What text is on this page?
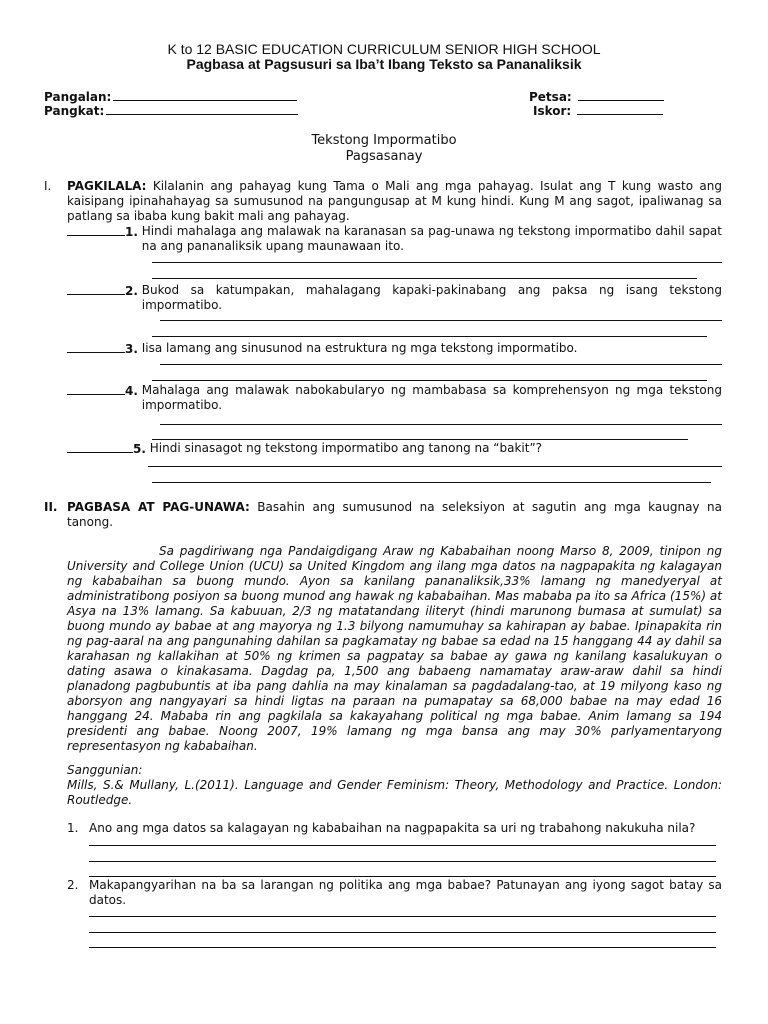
K to 12 BASIC EDUCATION CURRICULUM SENIOR HIGH SCHOOL
Pagbasa at Pagsusuri sa Iba’t Ibang Teksto sa Pananaliksik
Pangalan:
Pangkat:
Petsa:
Iskor:
Tekstong Impormatibo
Pagsasanay
I. PAGKILALA: Kilalanin ang pahayag kung Tama o Mali ang mga pahayag. Isulat ang T kung wasto ang kaisipang ipinahahayag sa sumusunod na pangungusap at M kung hindi. Kung M ang sagot, ipaliwanag sa patlang sa ibaba kung bakit mali ang pahayag.
1. Hindi mahalaga ang malawak na karanasan sa pag-unawa ng tekstong impormatibo dahil sapat na ang pananaliksik upang maunawaan ito.
2. Bukod sa katumpakan, mahalagang kapaki-pakinabang ang paksa ng isang tekstong impormatibo.
3. Iisa lamang ang sinusunod na estruktura ng mga tekstong impormatibo.
4. Mahalaga ang malawak nabokabularyo ng mambabasa sa komprehensyon ng mga tekstong impormatibo.
5. Hindi sinasagot ng tekstong impormatibo ang tanong na “bakit”?
II. PAGBASA AT PAG-UNAWA: Basahin ang sumusunod na seleksiyon at sagutin ang mga kaugnay na tanong.
Sa pagdiriwang nga Pandaigdigang Araw ng Kababaihan noong Marso 8, 2009, tinipon ng University and College Union (UCU) sa United Kingdom ang ilang mga datos na nagpapakita ng kalagayan ng kababaihan sa buong mundo. Ayon sa kanilang pananaliksik,33% lamang ng manedyeryal at administratibong posiyon sa buong munod ang hawak ng kababaihan. Mas mababa pa ito sa Africa (15%) at Asya na 13% lamang. Sa kabuuan, 2/3 ng matatandang iliteryt (hindi marunong bumasa at sumulat) sa buong mundo ay babae at ang mayorya ng 1.3 bilyong namumuhay sa kahirapan ay babae. Ipinapakita rin ng pag-aaral na ang pangunahing dahilan sa pagkamatay ng babae sa edad na 15 hanggang 44 ay dahil sa karahasan ng kallakihan at 50% ng krimen sa pagpatay sa babae ay gawa ng kanilang kasalukuyan o dating asawa o kinakasama. Dagdag pa, 1,500 ang babaeng namamatay araw-araw dahil sa hindi planadong pagbubuntis at iba pang dahlia na may kinalaman sa pagdadalang-tao, at 19 milyong kaso ng aborsyon ang nangyayari sa hindi ligtas na paraan na pumapatay sa 68,000 babae na may edad 16 hanggang 24. Mababa rin ang pagkilala sa kakayahang political ng mga babae. Anim lamang sa 194 presidenti ang babae. Noong 2007, 19% lamang ng mga bansa ang may 30% parlyamentaryong representasyon ng kababaihan.
Sanggunian:
Mills, S.& Mullany, L.(2011). Language and Gender Feminism: Theory, Methodology and Practice. London: Routledge.
1. Ano ang mga datos sa kalagayan ng kababaihan na nagpapakita sa uri ng trabahong nakukuha nila?
2. Makapangyarihan na ba sa larangan ng politika ang mga babae? Patunayan ang iyong sagot batay sa datos.
